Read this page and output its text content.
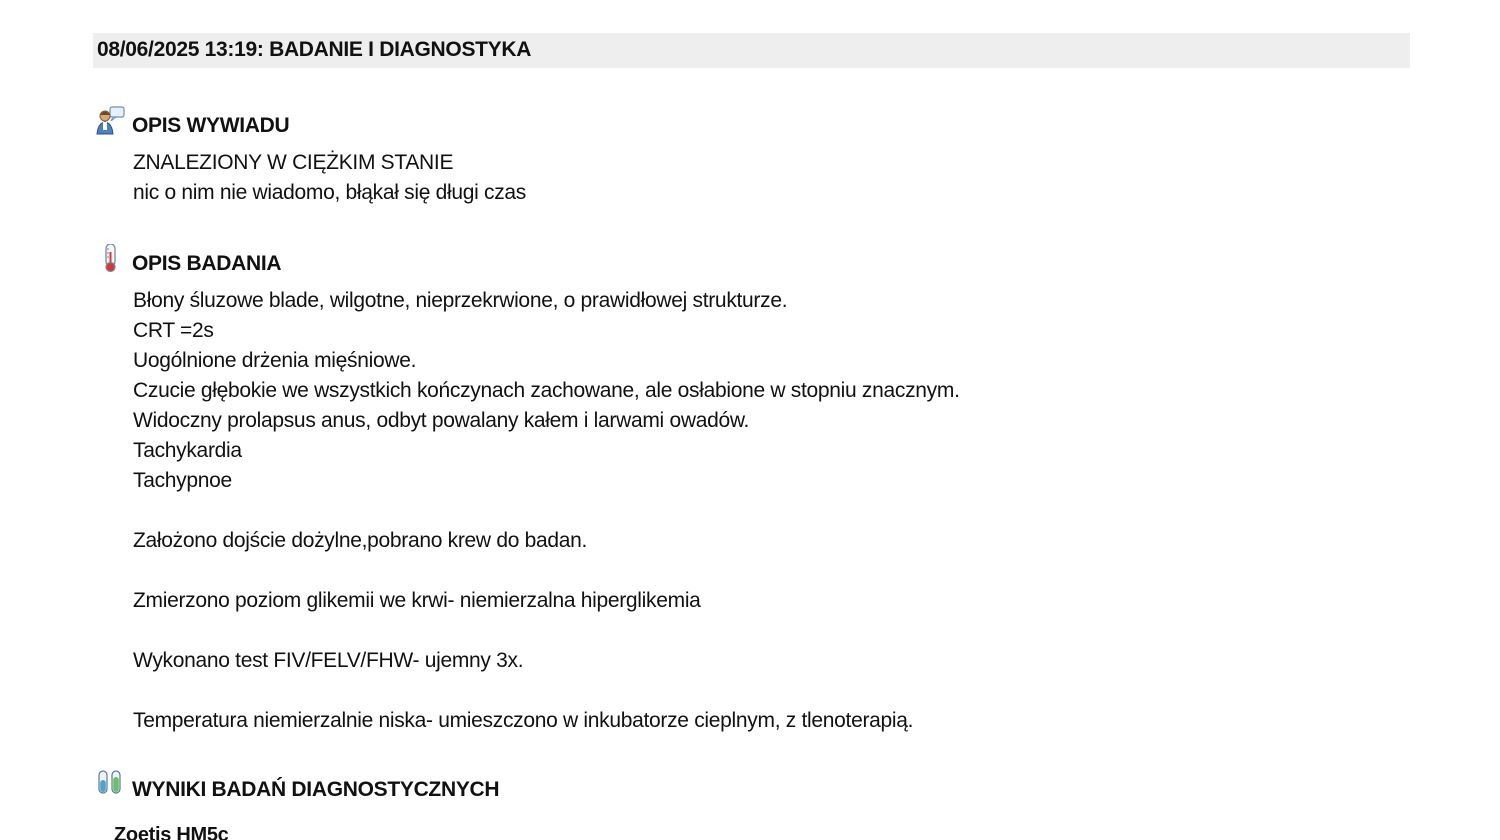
08/06/2025 13:19: BADANIE I DIAGNOSTYKA
OPIS WYWIADU
ZNALEZIONY W CIĘŻKIM STANIE
nic o nim nie wiadomo, błąkał się długi czas
OPIS BADANIA
Błony śluzowe blade, wilgotne, nieprzekrwione, o prawidłowej strukturze.
CRT =2s
Uogólnione drżenia mięśniowe.
Czucie głębokie we wszystkich kończynach zachowane, ale osłabione w stopniu znacznym.
Widoczny prolapsus anus, odbyt powalany kałem i larwami owadów.
Tachykardia
Tachypnoe
Założono dojście dożylne,pobrano krew do badan.
Zmierzono poziom glikemii we krwi- niemierzalna hiperglikemia
Wykonano test FIV/FELV/FHW- ujemny 3x.
Temperatura niemierzalnie niska- umieszczono w inkubatorze cieplnym, z tlenoterapią.
WYNIKI BADAŃ DIAGNOSTYCZNYCH
Zoetis HM5c
